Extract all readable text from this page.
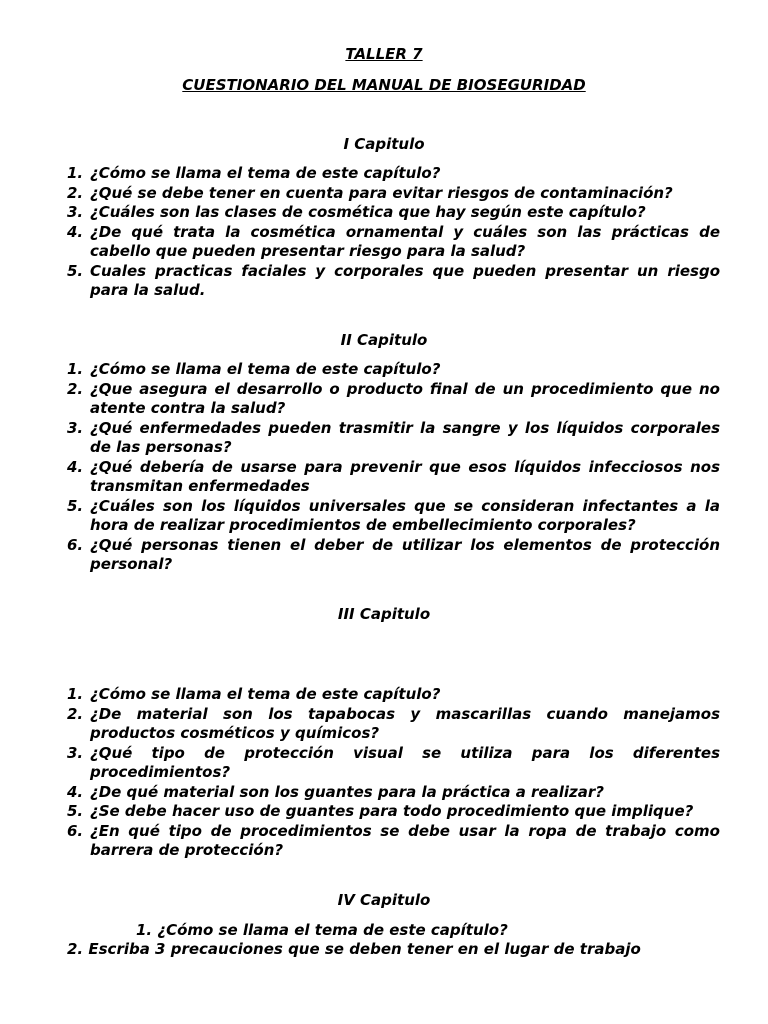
TALLER 7

CUESTIONARIO DEL MANUAL DE BIOSEGURIDAD

I Capitulo

1. ¿Cómo se llama el tema de este capítulo?
2. ¿Qué se debe tener en cuenta para evitar riesgos de contaminación?
3. ¿Cuáles son las clases de cosmética que hay según este capítulo?
4. ¿De qué trata la cosmética ornamental y cuáles son las prácticas de cabello que pueden presentar riesgo para la salud?
5. Cuales practicas faciales y corporales que pueden presentar un riesgo para la salud.

II Capitulo

1. ¿Cómo se llama el tema de este capítulo?
2. ¿Que asegura el desarrollo o producto final de un procedimiento que no atente contra la salud?
3. ¿Qué enfermedades pueden trasmitir la sangre y los líquidos corporales de las personas?
4. ¿Qué debería de usarse para prevenir que esos líquidos infecciosos nos transmitan enfermedades
5. ¿Cuáles son los líquidos universales que se consideran infectantes a la hora de realizar procedimientos de embellecimiento corporales?
6. ¿Qué personas tienen el deber de utilizar los elementos de protección personal?

III Capitulo

1. ¿Cómo se llama el tema de este capítulo?
2. ¿De material son los tapabocas y mascarillas cuando manejamos productos cosméticos y químicos?
3. ¿Qué tipo de protección visual se utiliza para los diferentes procedimientos?
4. ¿De qué material son los guantes para la práctica a realizar?
5. ¿Se debe hacer uso de guantes para todo procedimiento que implique?
6. ¿En qué tipo de procedimientos se debe usar la ropa de trabajo como barrera de protección?

IV Capitulo

1. ¿Cómo se llama el tema de este capítulo?

2. Escriba 3 precauciones que se deben tener en el lugar de trabajo
